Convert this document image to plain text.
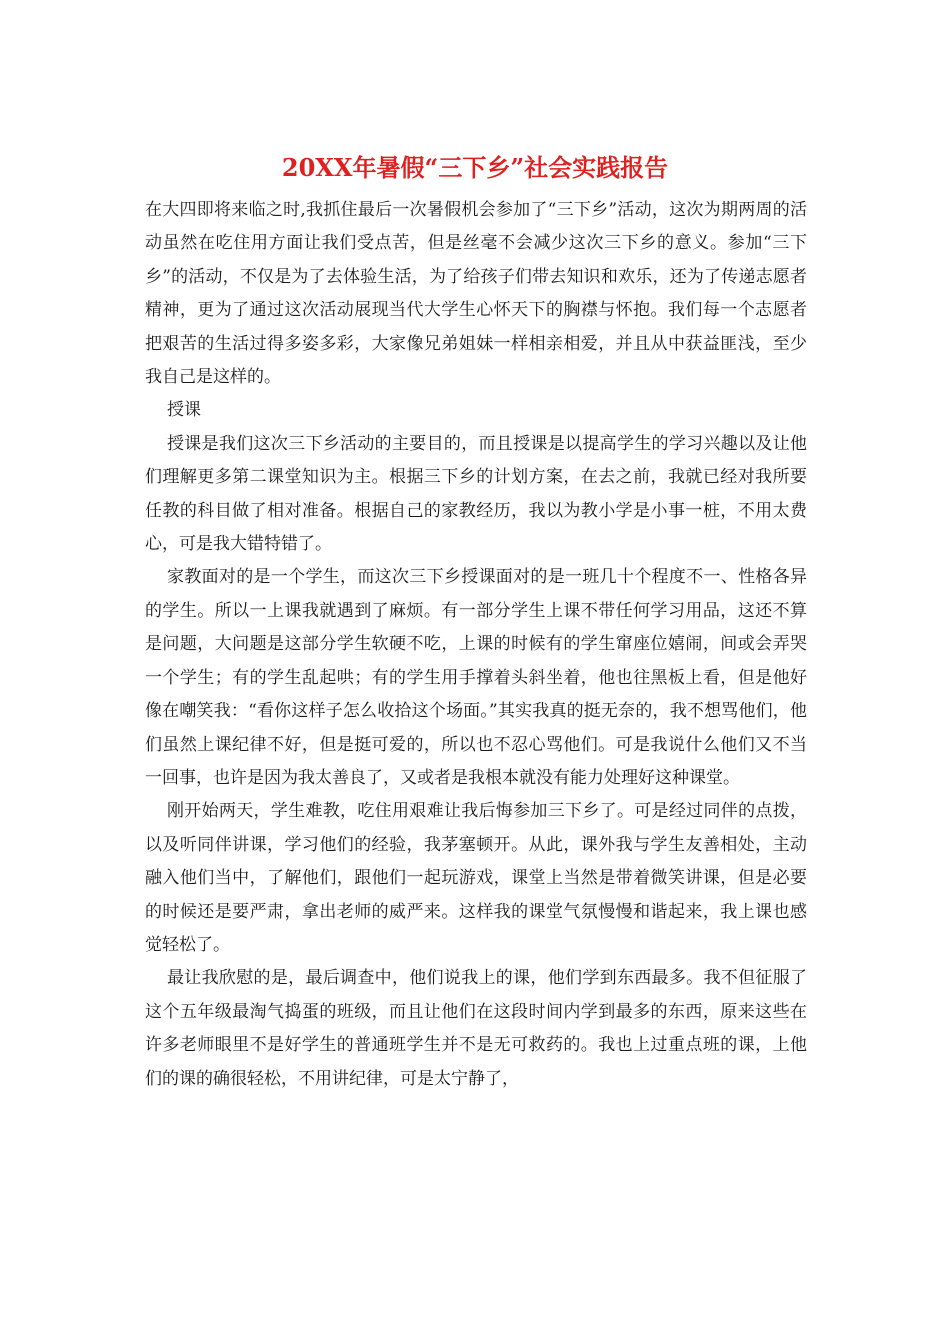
20XX年暑假“三下乡”社会实践报告

在大四即将来临之时,我抓住最后一次暑假机会参加了“三下乡”活动，这次为期两周的活动虽然在吃住用方面让我们受点苦，但是丝毫不会减少这次三下乡的意义。参加“三下乡”的活动，不仅是为了去体验生活，为了给孩子们带去知识和欢乐，还为了传递志愿者精神，更为了通过这次活动展现当代大学生心怀天下的胸襟与怀抱。我们每一个志愿者把艰苦的生活过得多姿多彩，大家像兄弟姐妹一样相亲相爱，并且从中获益匪浅，至少我自己是这样的。

授课

授课是我们这次三下乡活动的主要目的，而且授课是以提高学生的学习兴趣以及让他们理解更多第二课堂知识为主。根据三下乡的计划方案，在去之前，我就已经对我所要任教的科目做了相对准备。根据自己的家教经历，我以为教小学是小事一桩，不用太费心，可是我大错特错了。

家教面对的是一个学生，而这次三下乡授课面对的是一班几十个程度不一、性格各异的学生。所以一上课我就遇到了麻烦。有一部分学生上课不带任何学习用品，这还不算是问题，大问题是这部分学生软硬不吃，上课的时候有的学生窜座位嬉闹，间或会弄哭一个学生；有的学生乱起哄；有的学生用手撑着头斜坐着，他也往黑板上看，但是他好像在嘲笑我：“看你这样子怎么收拾这个场面。”其实我真的挺无奈的，我不想骂他们，他们虽然上课纪律不好，但是挺可爱的，所以也不忍心骂他们。可是我说什么他们又不当一回事，也许是因为我太善良了，又或者是我根本就没有能力处理好这种课堂。

刚开始两天，学生难教，吃住用艰难让我后悔参加三下乡了。可是经过同伴的点拨，以及听同伴讲课，学习他们的经验，我茅塞顿开。从此，课外我与学生友善相处，主动融入他们当中，了解他们，跟他们一起玩游戏，课堂上当然是带着微笑讲课，但是必要的时候还是要严肃，拿出老师的威严来。这样我的课堂气氛慢慢和谐起来，我上课也感觉轻松了。

最让我欣慰的是，最后调查中，他们说我上的课，他们学到东西最多。我不但征服了这个五年级最淘气捣蛋的班级，而且让他们在这段时间内学到最多的东西，原来这些在许多老师眼里不是好学生的普通班学生并不是无可救药的。我也上过重点班的课，上他们的课的确很轻松，不用讲纪律，可是太宁静了，
